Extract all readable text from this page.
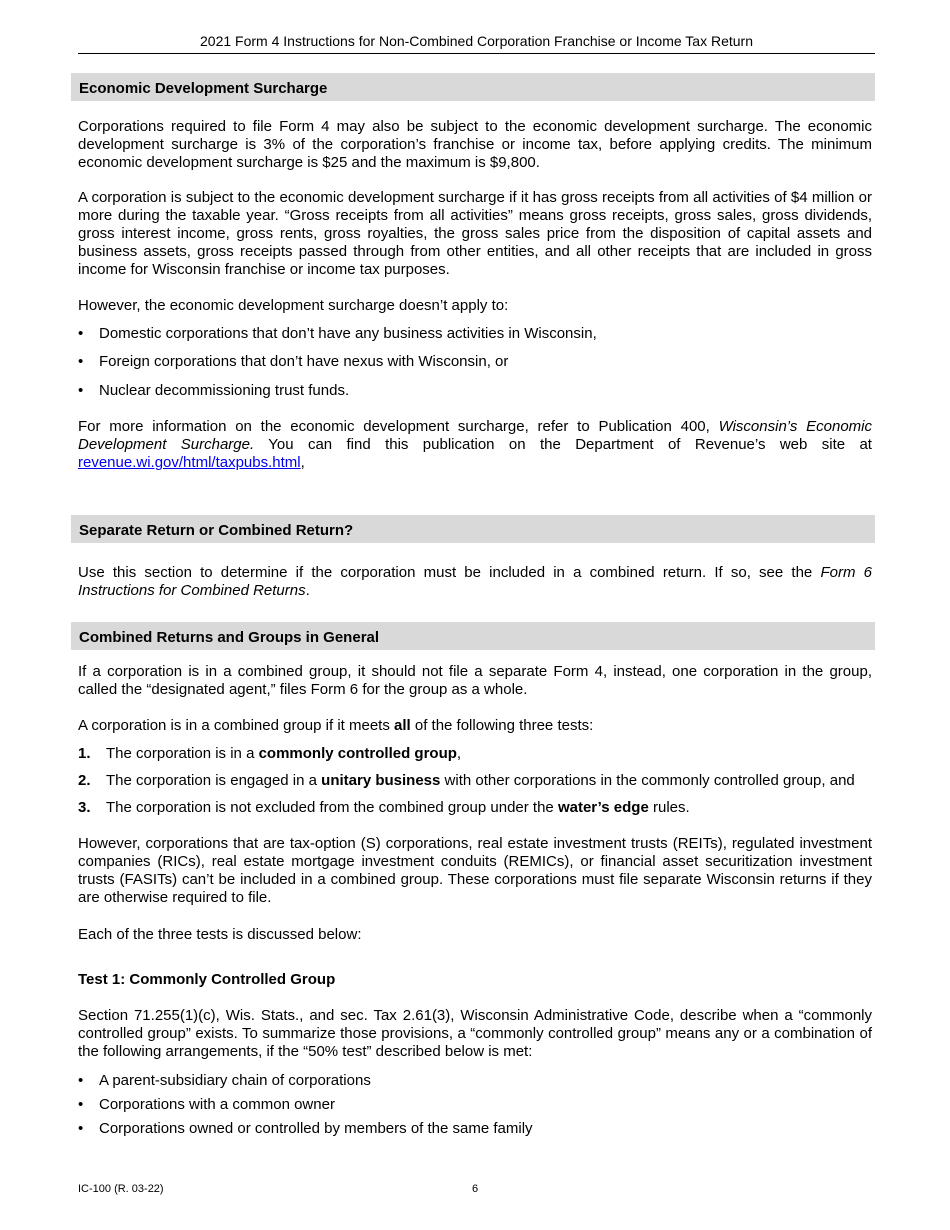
2021 Form 4 Instructions for Non-Combined Corporation Franchise or Income Tax Return
Economic Development Surcharge
Corporations required to file Form 4 may also be subject to the economic development surcharge. The economic development surcharge is 3% of the corporation’s franchise or income tax, before applying credits. The minimum economic development surcharge is $25 and the maximum is $9,800.
A corporation is subject to the economic development surcharge if it has gross receipts from all activities of $4 million or more during the taxable year. “Gross receipts from all activities” means gross receipts, gross sales, gross dividends, gross interest income, gross rents, gross royalties, the gross sales price from the disposition of capital assets and business assets, gross receipts passed through from other entities, and all other receipts that are included in gross income for Wisconsin franchise or income tax purposes.
However, the economic development surcharge doesn’t apply to:
• Domestic corporations that don’t have any business activities in Wisconsin,
• Foreign corporations that don’t have nexus with Wisconsin, or
• Nuclear decommissioning trust funds.
For more information on the economic development surcharge, refer to Publication 400, Wisconsin’s Economic Development Surcharge. You can find this publication on the Department of Revenue’s web site at revenue.wi.gov/html/taxpubs.html,
Separate Return or Combined Return?
Use this section to determine if the corporation must be included in a combined return. If so, see the Form 6 Instructions for Combined Returns.
Combined Returns and Groups in General
If a corporation is in a combined group, it should not file a separate Form 4, instead, one corporation in the group, called the “designated agent,” files Form 6 for the group as a whole.
A corporation is in a combined group if it meets all of the following three tests:
1. The corporation is in a commonly controlled group,
2. The corporation is engaged in a unitary business with other corporations in the commonly controlled group, and
3. The corporation is not excluded from the combined group under the water’s edge rules.
However, corporations that are tax-option (S) corporations, real estate investment trusts (REITs), regulated investment companies (RICs), real estate mortgage investment conduits (REMICs), or financial asset securitization investment trusts (FASITs) can’t be included in a combined group. These corporations must file separate Wisconsin returns if they are otherwise required to file.
Each of the three tests is discussed below:
Test 1: Commonly Controlled Group
Section 71.255(1)(c), Wis. Stats., and sec. Tax 2.61(3), Wisconsin Administrative Code, describe when a “commonly controlled group” exists. To summarize those provisions, a “commonly controlled group” means any or a combination of the following arrangements, if the “50% test” described below is met:
• A parent-subsidiary chain of corporations
• Corporations with a common owner
• Corporations owned or controlled by members of the same family
IC-100 (R. 03-22)	6
